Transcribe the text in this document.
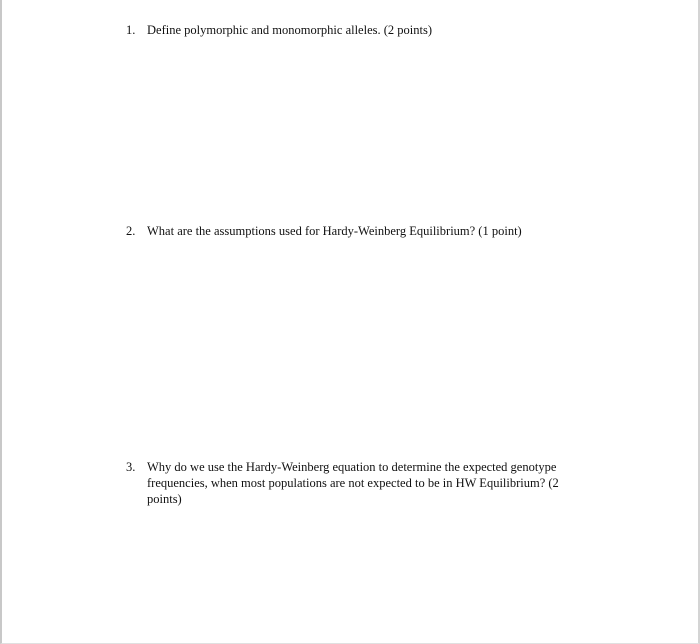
1. Define polymorphic and monomorphic alleles. (2 points)
2. What are the assumptions used for Hardy-Weinberg Equilibrium? (1 point)
3. Why do we use the Hardy-Weinberg equation to determine the expected genotype frequencies, when most populations are not expected to be in HW Equilibrium? (2 points)
